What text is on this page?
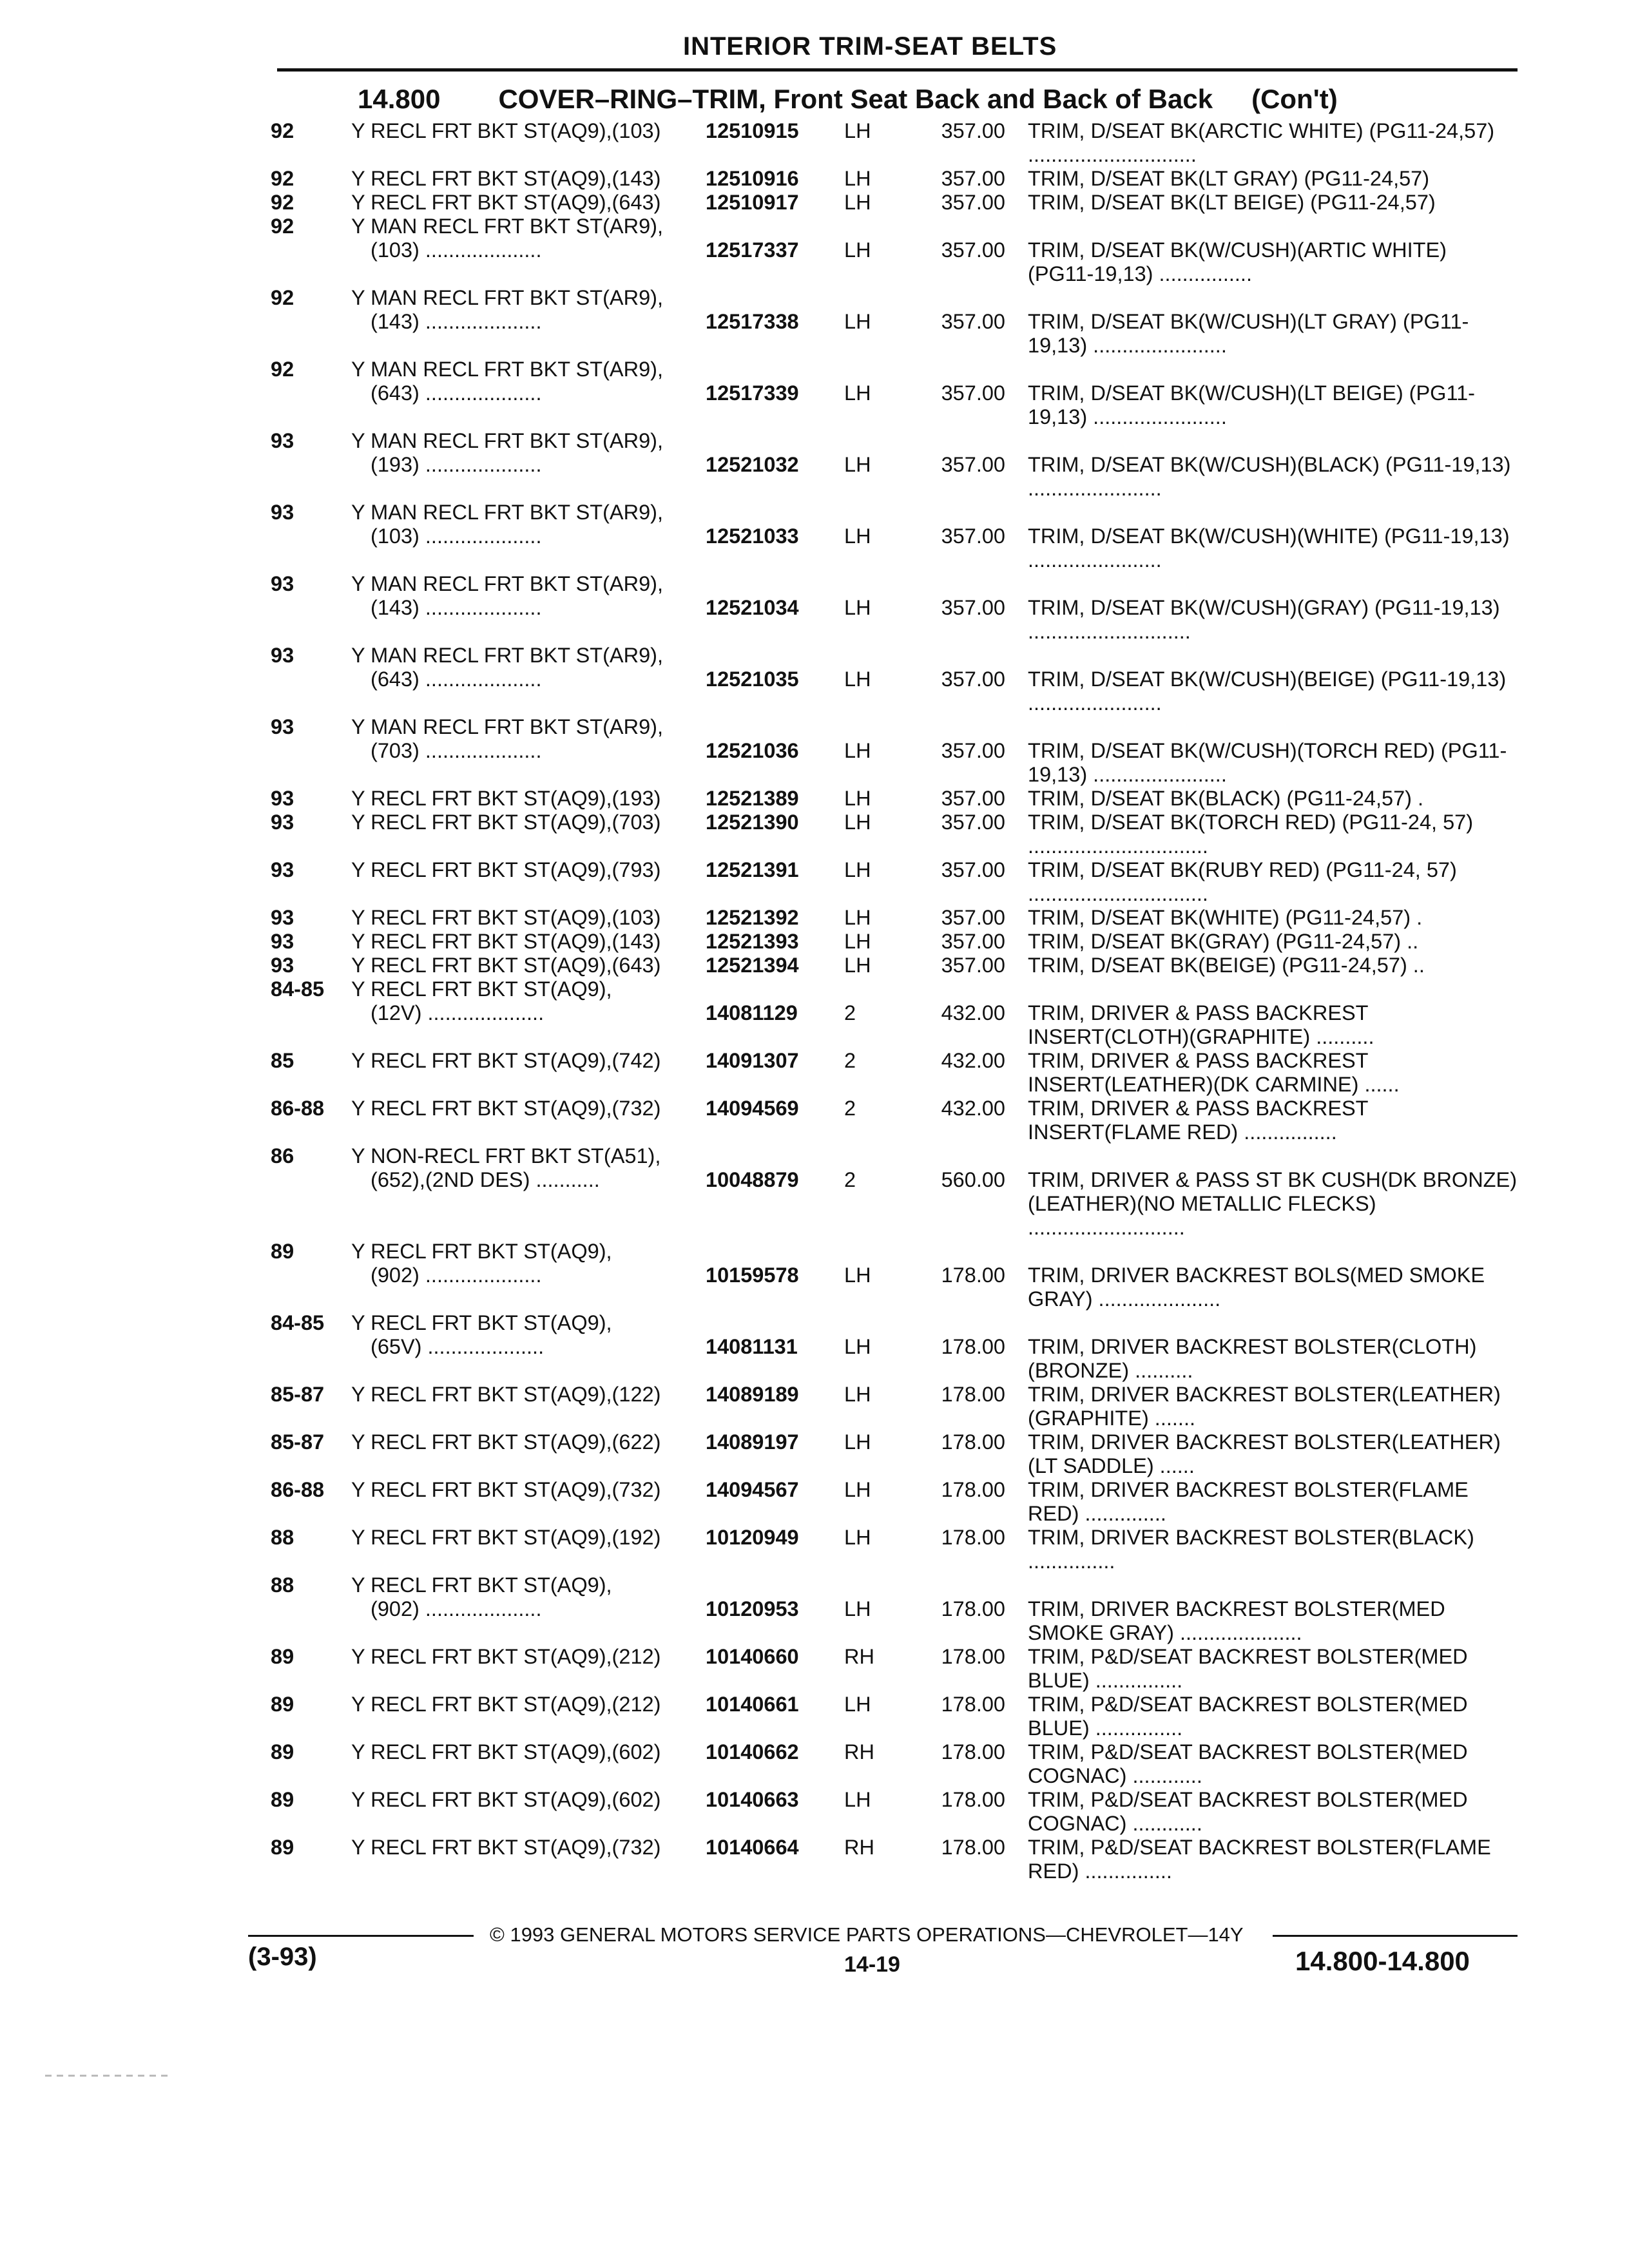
INTERIOR TRIM-SEAT BELTS
14.800 COVER–RING–TRIM, Front Seat Back and Back of Back (Con't)
92	Y RECL FRT BKT ST(AQ9),(103)	12510915	LH	357.00 TRIM, D/SEAT BK(ARCTIC WHITE) (PG11-24,57) .............................
92	Y RECL FRT BKT ST(AQ9),(143)	12510916	LH	357.00 TRIM, D/SEAT BK(LT GRAY) (PG11-24,57)
92	Y RECL FRT BKT ST(AQ9),(643)	12510917	LH	357.00 TRIM, D/SEAT BK(LT BEIGE) (PG11-24,57)
92	Y MAN RECL FRT BKT ST(AR9),
(103) ....................	12517337	LH	357.00 TRIM, D/SEAT BK(W/CUSH)(ARTIC WHITE) (PG11-19,13) ................
92	Y MAN RECL FRT BKT ST(AR9),
(143) ....................	12517338	LH	357.00 TRIM, D/SEAT BK(W/CUSH)(LT GRAY) (PG11-19,13) .......................
92	Y MAN RECL FRT BKT ST(AR9),
(643) ....................	12517339	LH	357.00 TRIM, D/SEAT BK(W/CUSH)(LT BEIGE) (PG11-19,13) .......................
93	Y MAN RECL FRT BKT ST(AR9),
(193) ....................	12521032	LH	357.00 TRIM, D/SEAT BK(W/CUSH)(BLACK) (PG11-19,13) .......................
93	Y MAN RECL FRT BKT ST(AR9),
(103) ....................	12521033	LH	357.00 TRIM, D/SEAT BK(W/CUSH)(WHITE) (PG11-19,13) .......................
93	Y MAN RECL FRT BKT ST(AR9),
(143) ....................	12521034	LH	357.00 TRIM, D/SEAT BK(W/CUSH)(GRAY) (PG11-19,13) ............................
93	Y MAN RECL FRT BKT ST(AR9),
(643) ....................	12521035	LH	357.00 TRIM, D/SEAT BK(W/CUSH)(BEIGE) (PG11-19,13) .......................
93	Y MAN RECL FRT BKT ST(AR9),
(703) ....................	12521036	LH	357.00 TRIM, D/SEAT BK(W/CUSH)(TORCH RED) (PG11-19,13) .......................
93	Y RECL FRT BKT ST(AQ9),(193)	12521389	LH	357.00 TRIM, D/SEAT BK(BLACK) (PG11-24,57) .
93	Y RECL FRT BKT ST(AQ9),(703)	12521390	LH	357.00 TRIM, D/SEAT BK(TORCH RED) (PG11-24, 57) ...............................
93	Y RECL FRT BKT ST(AQ9),(793)	12521391	LH	357.00 TRIM, D/SEAT BK(RUBY RED) (PG11-24, 57) ...............................
93	Y RECL FRT BKT ST(AQ9),(103)	12521392	LH	357.00 TRIM, D/SEAT BK(WHITE) (PG11-24,57) .
93	Y RECL FRT BKT ST(AQ9),(143)	12521393	LH	357.00 TRIM, D/SEAT BK(GRAY) (PG11-24,57) ..
93	Y RECL FRT BKT ST(AQ9),(643)	12521394	LH	357.00 TRIM, D/SEAT BK(BEIGE) (PG11-24,57) ..
84-85	Y RECL FRT BKT ST(AQ9),
(12V) ....................	14081129	2	432.00 TRIM, DRIVER & PASS BACKREST INSERT(CLOTH)(GRAPHITE) ..........
85	Y RECL FRT BKT ST(AQ9),(742)	14091307	2	432.00 TRIM, DRIVER & PASS BACKREST INSERT(LEATHER)(DK CARMINE) ......
86-88	Y RECL FRT BKT ST(AQ9),(732)	14094569	2	432.00 TRIM, DRIVER & PASS BACKREST INSERT(FLAME RED) ................
86	Y NON-RECL FRT BKT ST(A51),
(652),(2ND DES) ...........	10048879	2	560.00 TRIM, DRIVER & PASS ST BK CUSH(DK BRONZE)(LEATHER)(NO METALLIC FLECKS) ...........................
89	Y RECL FRT BKT ST(AQ9),
(902) ....................	10159578	LH	178.00 TRIM, DRIVER BACKREST BOLS(MED SMOKE GRAY) .....................
84-85	Y RECL FRT BKT ST(AQ9),
(65V) ....................	14081131	LH	178.00 TRIM, DRIVER BACKREST BOLSTER(CLOTH)(BRONZE) ..........
85-87	Y RECL FRT BKT ST(AQ9),(122)	14089189	LH	178.00 TRIM, DRIVER BACKREST BOLSTER(LEATHER)(GRAPHITE) .......
85-87	Y RECL FRT BKT ST(AQ9),(622)	14089197	LH	178.00 TRIM, DRIVER BACKREST BOLSTER(LEATHER)(LT SADDLE) ......
86-88	Y RECL FRT BKT ST(AQ9),(732)	14094567	LH	178.00 TRIM, DRIVER BACKREST BOLSTER(FLAME RED) ..............
88	Y RECL FRT BKT ST(AQ9),(192)	10120949	LH	178.00 TRIM, DRIVER BACKREST BOLSTER(BLACK) ...............
88	Y RECL FRT BKT ST(AQ9),
(902) ....................	10120953	LH	178.00 TRIM, DRIVER BACKREST BOLSTER(MED SMOKE GRAY) .....................
89	Y RECL FRT BKT ST(AQ9),(212)	10140660	RH	178.00 TRIM, P&D/SEAT BACKREST BOLSTER(MED BLUE) ...............
89	Y RECL FRT BKT ST(AQ9),(212)	10140661	LH	178.00 TRIM, P&D/SEAT BACKREST BOLSTER(MED BLUE) ...............
89	Y RECL FRT BKT ST(AQ9),(602)	10140662	RH	178.00 TRIM, P&D/SEAT BACKREST BOLSTER(MED COGNAC) ............
89	Y RECL FRT BKT ST(AQ9),(602)	10140663	LH	178.00 TRIM, P&D/SEAT BACKREST BOLSTER(MED COGNAC) ............
89	Y RECL FRT BKT ST(AQ9),(732)	10140664	RH	178.00 TRIM, P&D/SEAT BACKREST BOLSTER(FLAME RED) ...............
© 1993 GENERAL MOTORS SERVICE PARTS OPERATIONS—CHEVROLET—14Y
(3-93)	14-19	14.800-14.800
